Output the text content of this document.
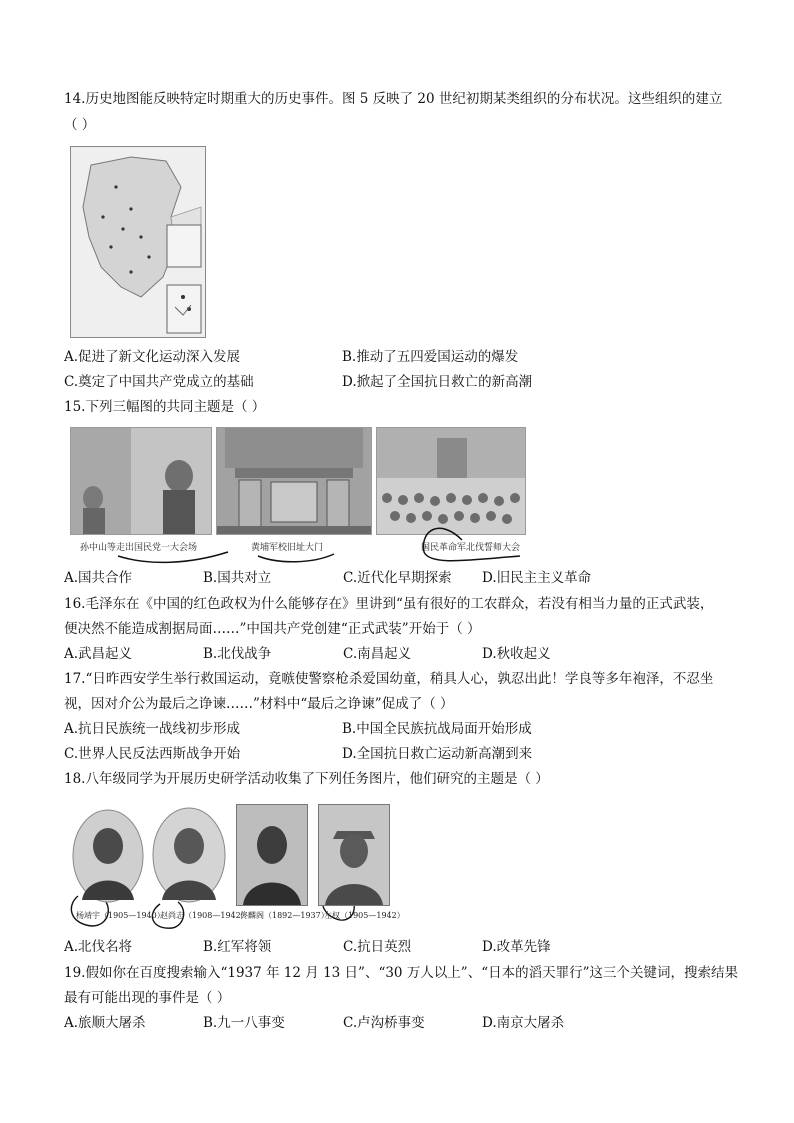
14.历史地图能反映特定时期重大的历史事件。图 5 反映了 20 世纪初期某类组织的分布状况。这些组织的建立
（ ）
A.促进了新文化运动深入发展	B.推动了五四爱国运动的爆发
C.奠定了中国共产党成立的基础	D.掀起了全国抗日救亡的新高潮
15.下列三幅图的共同主题是（ ）
孙中山等走出国民党一大会场	黄埔军校旧址大门	国民革命军北伐誓师大会
A.国共合作	B.国共对立	C.近代化早期探索 D.旧民主主义革命
16.毛泽东在《中国的红色政权为什么能够存在》里讲到“虽有很好的工农群众，若没有相当力量的正式武装，
便决然不能造成割据局面……”中国共产党创建“正式武装”开始于（ ）
A.武昌起义	B.北伐战争	C.南昌起义	D.秋收起义
17.“日昨西安学生举行救国运动，竟嗾使警察枪杀爱国幼童，稍具人心，孰忍出此！学良等多年袍泽，不忍坐
视，因对介公为最后之诤谏……”材料中“最后之诤谏”促成了（ ）
A.抗日民族统一战线初步形成	B.中国全民族抗战局面开始形成
C.世界人民反法西斯战争开始	D.全国抗日救亡运动新高潮到来
18.八年级同学为开展历史研学活动收集了下列任务图片，他们研究的主题是（ ）
杨靖宇（1905—1940）
赵尚志（1908—1942）
佟麟阁（1892—1937）
左权（1905—1942）
A.北伐名将	B.红军将领	C.抗日英烈	D.改革先锋
19.假如你在百度搜索输入“1937 年 12 月 13 日”、“30 万人以上”、“日本的滔天罪行”这三个关键词，搜索结果
最有可能出现的事件是（ ）
A.旅顺大屠杀	B.九一八事变	C.卢沟桥事变	D.南京大屠杀
